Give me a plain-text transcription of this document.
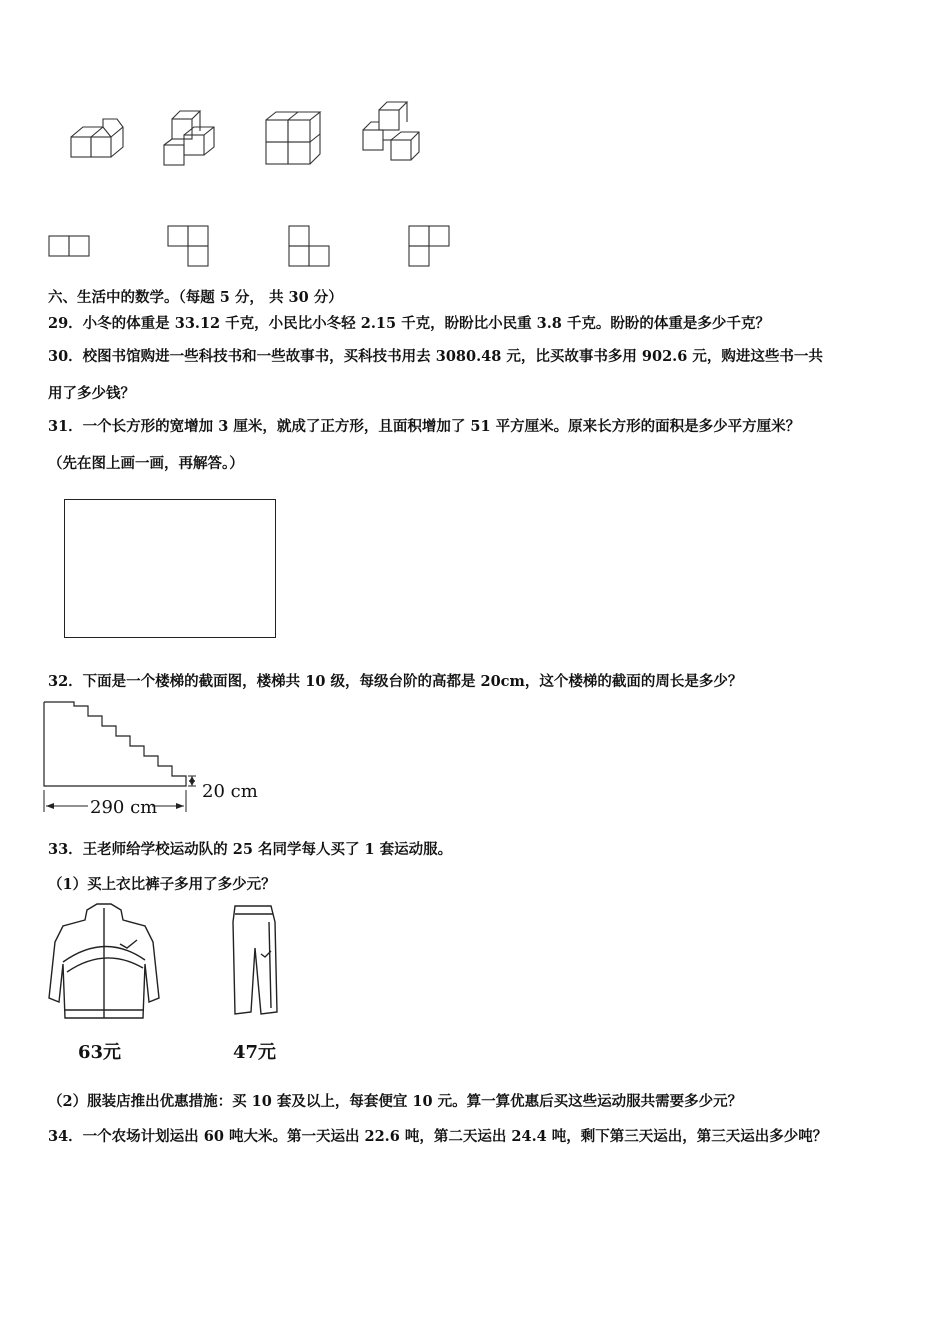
六、生活中的数学。（每题 5 分， 共 30 分）
29．小冬的体重是 33.12 千克，小民比小冬轻 2.15 千克，盼盼比小民重 3.8 千克。盼盼的体重是多少千克？
30．校图书馆购进一些科技书和一些故事书，买科技书用去 3080.48 元，比买故事书多用 902.6 元，购进这些书一共
用了多少钱？
31．一个长方形的宽增加 3 厘米，就成了正方形，且面积增加了 51 平方厘米。原来长方形的面积是多少平方厘米？
（先在图上画一画，再解答。）
32．下面是一个楼梯的截面图，楼梯共 10 级，每级台阶的高都是 20cm，这个楼梯的截面的周长是多少？
290 cm
20 cm
33．王老师给学校运动队的 25 名同学每人买了 1 套运动服。
（1）买上衣比裤子多用了多少元？
63元	47元
（2）服装店推出优惠措施：买 10 套及以上，每套便宜 10 元。算一算优惠后买这些运动服共需要多少元？
34．一个农场计划运出 60 吨大米。第一天运出 22.6 吨，第二天运出 24.4 吨，剩下第三天运出，第三天运出多少吨？
